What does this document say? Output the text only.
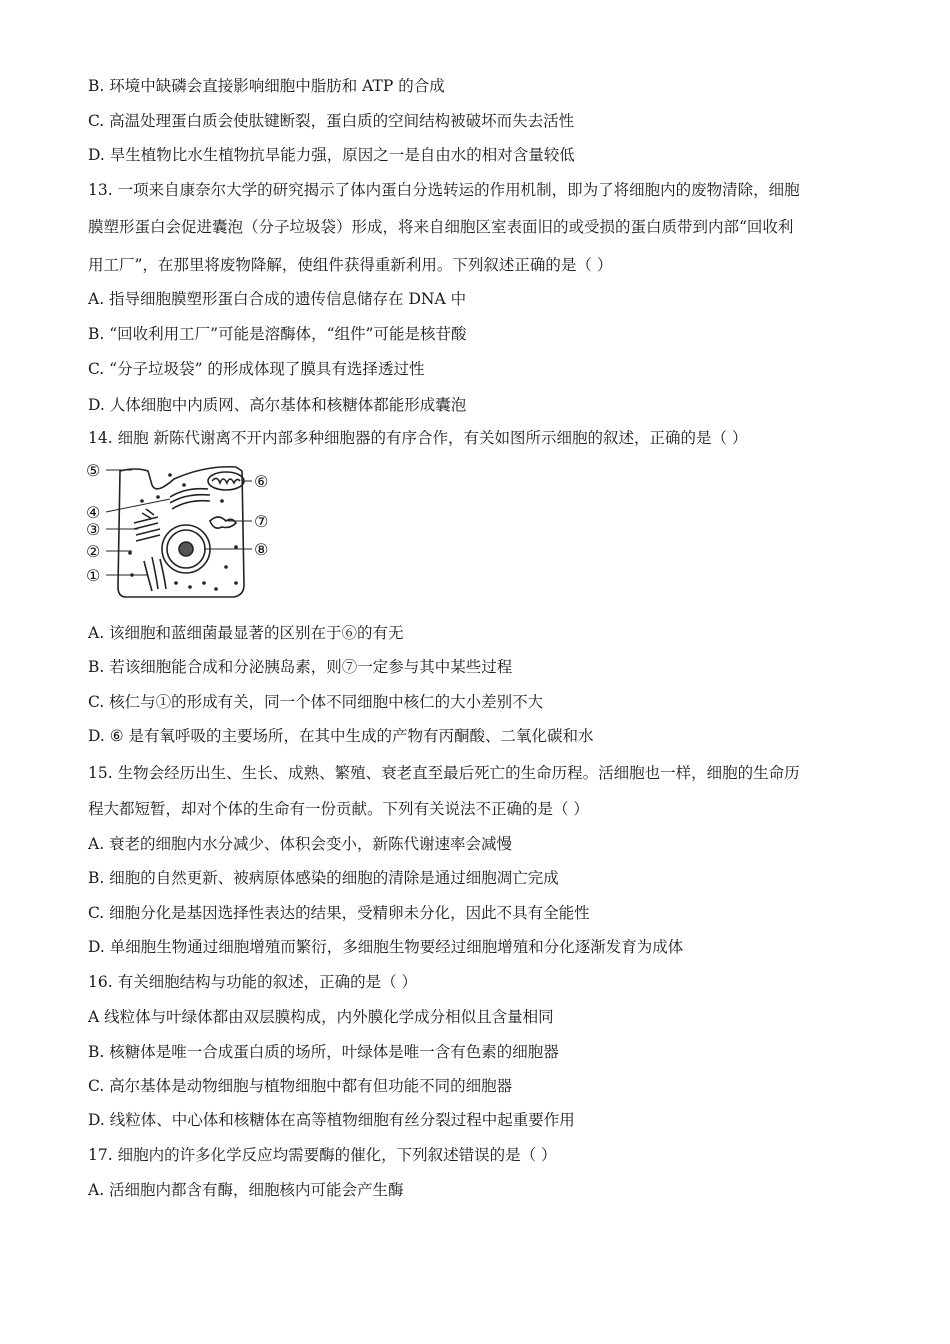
B. 环境中缺磷会直接影响细胞中脂肪和 ATP 的合成
C. 高温处理蛋白质会使肽键断裂，蛋白质的空间结构被破坏而失去活性
D. 旱生植物比水生植物抗旱能力强，原因之一是自由水的相对含量较低
13. 一项来自康奈尔大学的研究揭示了体内蛋白分选转运的作用机制，即为了将细胞内的废物清除，细胞
膜塑形蛋白会促进囊泡（分子垃圾袋）形成，将来自细胞区室表面旧的或受损的蛋白质带到内部“回收利
用工厂”，在那里将废物降解，使组件获得重新利用。下列叙述正确的是（ ）
A. 指导细胞膜塑形蛋白合成的遗传信息储存在 DNA 中
B. “回收利用工厂”可能是溶酶体，“组件”可能是核苷酸
C. “分子垃圾袋” 的形成体现了膜具有选择透过性
D. 人体细胞中内质网、高尔基体和核糖体都能形成囊泡
14. 细胞 新陈代谢离不开内部多种细胞器的有序合作，有关如图所示细胞的叙述，正确的是（ ）
⑤
④
③
②
①
⑥
⑦
⑧
A. 该细胞和蓝细菌最显著的区别在于⑥的有无
B. 若该细胞能合成和分泌胰岛素，则⑦一定参与其中某些过程
C. 核仁与①的形成有关，同一个体不同细胞中核仁的大小差别不大
D. ⑥ 是有氧呼吸的主要场所，在其中生成的产物有丙酮酸、二氧化碳和水
15. 生物会经历出生、生长、成熟、繁殖、衰老直至最后死亡的生命历程。活细胞也一样，细胞的生命历
程大都短暂，却对个体的生命有一份贡献。下列有关说法不正确的是（ ）
A. 衰老的细胞内水分减少、体积会变小，新陈代谢速率会减慢
B. 细胞的自然更新、被病原体感染的细胞的清除是通过细胞凋亡完成
C. 细胞分化是基因选择性表达的结果，受精卵未分化，因此不具有全能性
D. 单细胞生物通过细胞增殖而繁衍，多细胞生物要经过细胞增殖和分化逐渐发育为成体
16. 有关细胞结构与功能的叙述，正确的是（ ）
A 线粒体与叶绿体都由双层膜构成，内外膜化学成分相似且含量相同
B. 核糖体是唯一合成蛋白质的场所，叶绿体是唯一含有色素的细胞器
C. 高尔基体是动物细胞与植物细胞中都有但功能不同的细胞器
D. 线粒体、中心体和核糖体在高等植物细胞有丝分裂过程中起重要作用
17. 细胞内的许多化学反应均需要酶的催化，下列叙述错误的是（ ）
A. 活细胞内都含有酶，细胞核内可能会产生酶
